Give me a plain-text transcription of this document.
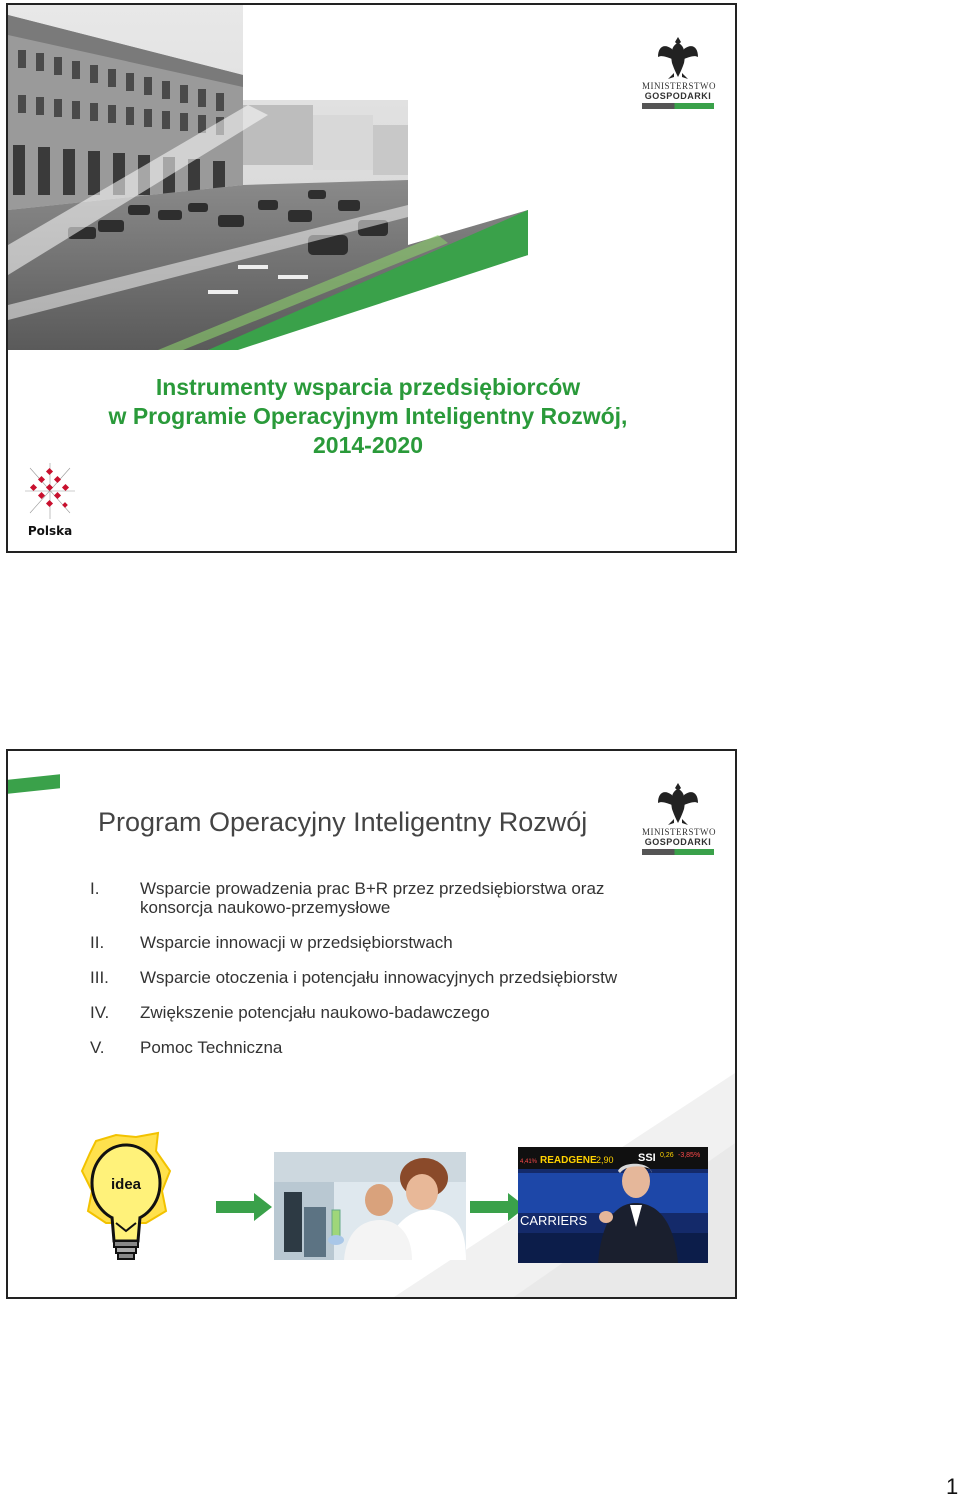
MINISTERSTWO
GOSPODARKI
Instrumenty wsparcia przedsiębiorców
w Programie Operacyjnym Inteligentny Rozwój,
2014-2020
Polska
Program Operacyjny Inteligentny Rozwój	MINISTERSTWO
GOSPODARKI
I. Wsparcie prowadzenia prac B+R przez przedsiębiorstwa oraz konsorcja naukowo-przemysłowe
II. Wsparcie innowacji w przedsiębiorstwach
III. Wsparcie otoczenia i potencjału innowacyjnych przedsiębiorstw
IV. Zwiększenie potencjału naukowo-badawczego
V. Pomoc Techniczna
idea
READGENE 2,90 SSI 0,26 -3,85%
4,41%
CARRIERS
1
